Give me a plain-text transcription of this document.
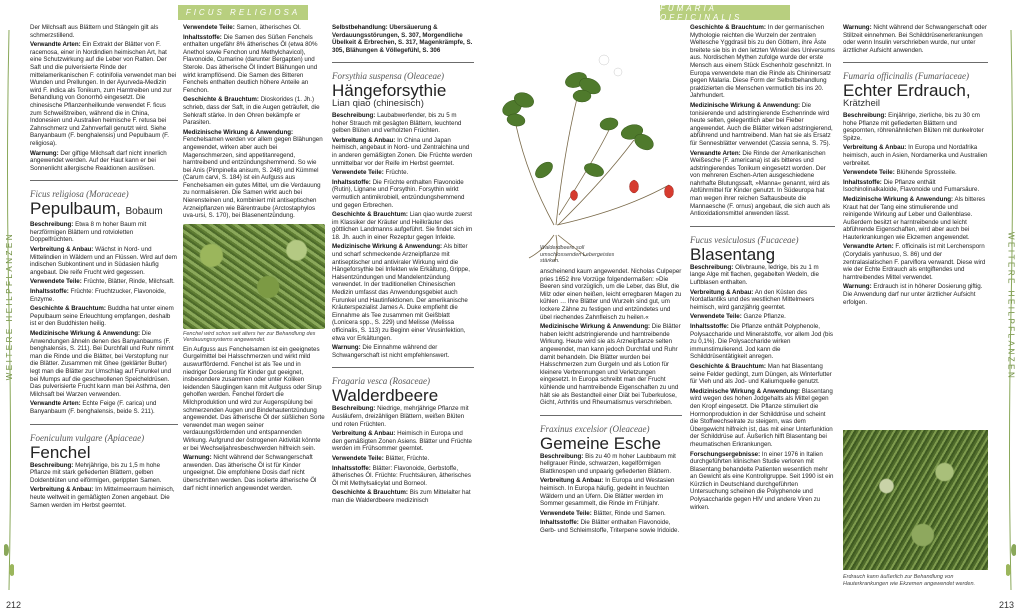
FICUS RELIGIOSA	FUMARIA OFFICINALIS
WEITERE HEILPFLANZEN	WEITERE HEILPFLANZEN
212	213

Der Milchsaft aus Blättern und Stängeln gilt als schmerzstillend.

Verwandte Arten: Ein Extrakt der Blätter von F. racemosa, einer in Nordindien heimischen Art, hat eine Schutzwirkung auf die Leber von Ratten. Der Saft und die pulverisierte Rinde der mittelamerikanischen F. cotinifolia verwendet man bei Wunden und Prellungen. In der Ayurveda-Medizin wird F. indica als Tonikum, zum Harntreiben und zur Behandlung von Gonorrhö eingesetzt. Die chinesische Pflanzenheilkunde verwendet F. ficus zum Schweißtreiben, während die in China, Indonesien und Australien heimische F. retusa bei Zahnschmerz und Zahnverfall genutzt wird. Siehe Banyanbaum (F. benghalensis) und Pepulbaum (F. religiosa).

Warnung: Der giftige Milchsaft darf nicht innerlich angewendet werden. Auf der Haut kann er bei Sonnenlicht allergische Reaktionen auslösen.

Ficus religiosa (Moraceae)
Pepulbaum, Bobaum

Beschreibung: Etwa 8 m hoher Baum mit herzförmigen Blättern und rotvioletten Doppelfrüchten.

Verbreitung & Anbau: Wächst in Nord- und Mittelindien in Wäldern und an Flüssen. Wird auf dem indischen Subkontinent und in Südasien häufig angebaut. Die reife Frucht wird gegessen.

Verwendete Teile: Früchte, Blätter, Rinde, Milchsaft.

Inhaltsstoffe: Früchte: Fruchtzucker, Flavonoide, Enzyme.

Geschichte & Brauchtum: Buddha hat unter einem Pepulbaum seine Erleuchtung empfangen, deshalb ist er den Buddhisten heilig.

Medizinische Wirkung & Anwendung: Die Anwendungen ähneln denen des Banyanbaums (F. benghalensis, S. 211). Bei Durchfall und Ruhr nimmt man die Rinde und die Blätter, bei Verstopfung nur die Blätter. Zusammen mit Ghee (geklärter Butter) legt man die Blätter zur Umschlag auf Furunkel und bei Mumps auf die geschwollenen Speicheldrüsen. Das pulverisierte Frucht kann man bei Asthma, den Milchsaft bei Warzen verwenden.

Verwandte Arten: Echte Feige (F. carica) und Banyanbaum (F. benghalensis, beide S. 211).

Foeniculum vulgare (Apiaceae)
Fenchel

Beschreibung: Mehrjährige, bis zu 1,5 m hohe Pflanze mit stark gefiederten Blättern, gelben Doldenblüten und eiförmigen, gerippten Samen.

Verbreitung & Anbau: Im Mittelmeerraum heimisch, heute weltweit in gemäßigten Zonen angebaut. Die Samen werden im Herbst geerntet.

Verwendete Teile: Samen, ätherisches Öl.

Inhaltsstoffe: Die Samen des Süßen Fenchels enthalten ungefähr 8% ätherisches Öl (etwa 80% Anethol sowie Fenchon und Methylchavicol), Flavonoide, Cumarine (darunter Bergapten) und Sterole. Das ätherische Öl lindert Blähungen und wirkt krampflösend. Die Samen des Bitteren Fenchels enthalten deutlich höhere Anteile an Fenchon.

Geschichte & Brauchtum: Dioskorides (1. Jh.) schrieb, dass der Saft, in die Augen geträufelt, die Sehkraft stärke. In den Ohren bekämpfe er Parasiten.

Medizinische Wirkung & Anwendung: Fenchelsamen werden vor allem gegen Blähungen angewendet, wirken aber auch bei Magenschmerzen, sind appetitanregend, harntreibend und entzündungshemmend. So wie bei Anis (Pimpinella anisum, S. 248) und Kümmel (Carum carvi, S. 184) ist ein Aufguss aus Fenchelsamen ein gutes Mittel, um die Verdauung zu normalisieren. Die Samen wirkt auch bei Nierensteinen und, kombiniert mit antiseptischen Arzneipflanzen wie Bärentraube (Arctostaphylos uva-ursi, S. 170), bei Blasenentzündung.

Fenchel wird schon seit alters her zur Behandlung des Verdauungssystems angewendet.

Ein Aufguss aus Fenchelsamen ist ein geeignetes Gurgelmittel bei Halsschmerzen und wirkt mild auswurffördernd. Fenchel ist als Tee und in niedriger Dosierung für Kinder gut geeignet, insbesondere zusammen oder unter Koliken leidenden Säuglingen kann mit Aufguss oder Sirup geholfen werden. Fenchel fördert die Milchproduktion und wird zur Augenspülung bei schmerzenden Augen und Bindehautentzündung angewendet. Das ätherische Öl der süßlichen Sorte verwendet man wegen seiner verdauungsfördernden und entspannenden Wirkung. Aufgrund der östrogenen Aktivität könnte er bei Wechseljahresbeschwerden hilfreich sein.

Warnung: Nicht während der Schwangerschaft anwenden. Das ätherische Öl ist für Kinder ungeeignet. Die empfohlene Dosis darf nicht überschritten werden. Das isolierte ätherische Öl darf nicht innerlich angewendet werden.

Selbstbehandlung: Übersäuerung & Verdauungsstörungen, S. 307, Morgendliche Übelkeit & Erbrechen, S. 317, Magenkrämpfe, S. 305, Blähungen & Völlegefühl, S. 306

Forsythia suspensa (Oleaceae)
Hängeforsythie
Lian qiao (chinesisch)

Beschreibung: Laubabwerfender, bis zu 5 m hoher Strauch mit gesägten Blättern, leuchtend gelben Blüten und verholzten Früchten.

Verbreitung & Anbau: In China und Japan heimisch, angebaut in Nord- und Zentralchina und in anderen gemäßigten Zonen. Die Früchte werden unmittelbar vor der Reife im Herbst geerntet.

Verwendete Teile: Früchte.

Inhaltsstoffe: Die Früchte enthalten Flavonoide (Rutin), Lignane und Forsythin. Forsythin wirkt vermutlich antimikrobiell, entzündungshemmend und gegen Erbrechen.

Geschichte & Brauchtum: Lian qiao wurde zuerst im Klassiker der Kräuter und Heilkräuter des göttlichen Landmanns aufgeführt. Sie findet sich im 18. Jh. auch in einer Rezeptur gegen Infekte.

Medizinische Wirkung & Anwendung: Als bitter und scharf schmeckende Arzneipflanze mit antiseptischer und antiviraler Wirkung wird die Hängeforsythie bei Infekten wie Erkältung, Grippe, Halsentzündungen und Mandelentzündung verwendet. In der traditionellen Chinesischen Medizin umfasst das Anwendungsgebiet auch Furunkel und Hautinfektionen. Der amerikanische Kräuterspezialist James A. Duke empfiehlt die Einnahme als Tee zusammen mit Geißblatt (Lonicera spp., S. 229) und Melisse (Melissa officinalis, S. 113) zu Beginn einer Virusinfektion, etwa vor Erkältungen.

Warnung: Die Einnahme während der Schwangerschaft ist nicht empfehlenswert.

Fragaria vesca (Rosaceae)
Walderdbeere

Beschreibung: Niedrige, mehrjährige Pflanze mit Ausläufern, dreizähligen Blättern, weißen Blüten und roten Früchten.

Verbreitung & Anbau: Heimisch in Europa und den gemäßigten Zonen Asiens. Blätter und Früchte werden im Frühsommer geerntet.

Verwendete Teile: Blätter, Früchte.

Inhaltsstoffe: Blätter: Flavonoide, Gerbstoffe, ätherisches Öl. Früchte: Fruchtsäuren, ätherisches Öl mit Methylsalicylat und Borneol.

Geschichte & Brauchtum: Bis zum Mittelalter hat man die Walderdbeere medizinisch

Walderdbeere soll umschlossenden Lebergeistes stärken.

anscheinend kaum angewendet. Nicholas Culpeper pries 1652 ihre Vorzüge folgendermaßen: »Die Beeren sind vorzüglich, um die Leber, das Blut, die Milz oder einen heißen, leicht erregbaren Magen zu kühlen … Ihre Blätter und Wurzeln sind gut, um lockere Zähne zu festigen und entzündetes und übel riechendes Zahnfleisch zu heilen.«

Medizinische Wirkung & Anwendung: Die Blätter haben leicht adstringierende und harntreibende Wirkung. Heute wird sie als Arzneipflanze selten angewendet, man kann jedoch Durchfall und Ruhr damit behandeln. Die Blätter wurden bei Halsschmerzen zum Gurgeln und als Lotion für kleinere Verbrennungen und Verletzungen eingesetzt. In Europa schreibt man der Frucht kühlende und harntreibende Eigenschaften zu und hält sie als Bestandteil einer Diät bei Tuberkulose, Gicht, Arthritis und Rheumatismus verschrieben.

Fraxinus excelsior (Oleaceae)
Gemeine Esche

Beschreibung: Bis zu 40 m hoher Laubbaum mit hellgrauer Rinde, schwarzen, kegelförmigen Blattknospen und unpaarig gefiederten Blättern.

Verbreitung & Anbau: In Europa und Westasien heimisch. In Europa häufig, gedeiht in feuchten Wäldern und an Ufern. Die Blätter werden im Sommer gesammelt, die Rinde im Frühjahr.

Verwendete Teile: Blätter, Rinde und Samen.

Inhaltsstoffe: Die Blätter enthalten Flavonoide, Gerb- und Schleimstoffe, Triterpene sowie Iridoide.

Geschichte & Brauchtum: In der germanischen Mythologie reichten die Wurzeln der zentralen Weltesche Yggdrasil bis zu den Göttern, ihre Äste breitete sie bis in den letzten Winkel des Universums aus. Nordischen Mythen zufolge wurde der erste Mensch aus einem Stück Eschenholz geschnitzt. In Europa verwendete man die Rinde als Chininersatz gegen Malaria. Diese Form der Selbstbehandlung praktizierten die Menschen vermutlich bis ins 20. Jahrhundert.

Medizinische Wirkung & Anwendung: Die tonisierende und adstringierende Eschenrinde wird heute selten, gelegentlich aber bei Fieber angewendet. Auch die Blätter wirken adstringierend, abführend und harntreibend. Man hat sie als Ersatz für Sennesblätter verwendet (Cassia senna, S. 75).

Verwandte Arten: Die Rinde der Amerikanischen Weißesche (F. americana) ist als bitteres und adstringierendes Tonikum eingesetzt worden. Der von mehreren Eschen-Arten ausgeschiedene nahrhafte Blutungssaft, »Manna« genannt, wird als Abführmittel für Kinder genutzt. In Südeuropa hat man wegen ihrer reichen Saftausbeute die Mannaesche (F. ornus) angebaut, die sich auch als Antioxidationsmittel anwenden lässt.

Fucus vesiculosus (Fucaceae)
Blasentang

Beschreibung: Olivbraune, ledrige, bis zu 1 m lange Alge mit flachen, gegabelten Wedeln, die Luftblasen enthalten.

Verbreitung & Anbau: An den Küsten des Nordatlantiks und des westlichen Mittelmeers heimisch, wird ganzjährig geerntet.

Verwendete Teile: Ganze Pflanze.

Inhaltsstoffe: Die Pflanze enthält Polyphenole, Polysaccharide und Mineralstoffe, vor allem Jod (bis zu 0,1%). Die Polysaccharide wirken immunstimulierend. Jod kann die Schilddrüsentätigkeit anregen.

Geschichte & Brauchtum: Man hat Blasentang seine Felder gedüngt, zum Düngen, als Winterfutter für Vieh und als Jod- und Kaliumquelle genutzt.

Medizinische Wirkung & Anwendung: Blasentang wird wegen des hohen Jodgehalts als Mittel gegen den Kropf eingesetzt. Die Pflanze stimuliert die Hormonproduktion in der Schilddrüse und scheint die Stoffwechselrate zu steigern, was dem Übergewicht hilfreich ist, das mit einer Unterfunktion der Schilddrüse auf. Äußerlich hilft Blasentang bei rheumatischen Erkrankungen.

Forschungsergebnisse: In einer 1976 in Italien durchgeführten klinischen Studie verloren mit Blasentang behandelte Patienten wesentlich mehr an Gewicht als eine Kontrollgruppe. Seit 1990 ist ein Kürzlich in Deutschland durchgeführten Untersuchung scheinen die Polyphenole und Polysaccharide gegen HIV und andere Viren zu wirken.

Warnung: Nicht während der Schwangerschaft oder Stillzeit einnehmen. Bei Schilddrüsenerkrankungen oder wenn Insulin verschrieben wurde, nur unter ärztlicher Aufsicht anwenden.

Fumaria officinalis (Fumariaceae)
Echter Erdrauch,
Krätzheil

Beschreibung: Einjährige, zierliche, bis zu 30 cm hohe Pflanze mit gefiederten Blättern und gespornten, röhrenähnlichen Blüten mit dunkelroter Spitze.

Verbreitung & Anbau: In Europa und Nordafrika heimisch, auch in Asien, Nordamerika und Australien verbreitet.

Verwendete Teile: Blühende Sprossteile.

Inhaltsstoffe: Die Pflanze enthält Isochinolinalkaloide, Flavonoide und Fumarsäure.

Medizinische Wirkung & Anwendung: Als bitteres Kraut hat der Tang eine stimulierende und reinigende Wirkung auf Leber und Gallenblase. Außerdem besitzt er harntreibende und leicht abführende Eigenschaften, wird aber auch bei Hauterkrankungen wie Ekzemen angewendet.

Verwandte Arten: F. officinalis ist mit Lerchensporn (Corydalis yanhusuo, S. 86) und der zentralasiatischen F. parviflora verwandt. Diese wird wie der Echte Erdrauch als entgiftendes und harntreibendes Mittel verwendet.

Warnung: Erdrauch ist in höherer Dosierung giftig. Die Anwendung darf nur unter ärztlicher Aufsicht erfolgen.

Erdrauch kann äußerlich zur Behandlung von Hauterkrankungen wie Ekzemen angewendet werden.
